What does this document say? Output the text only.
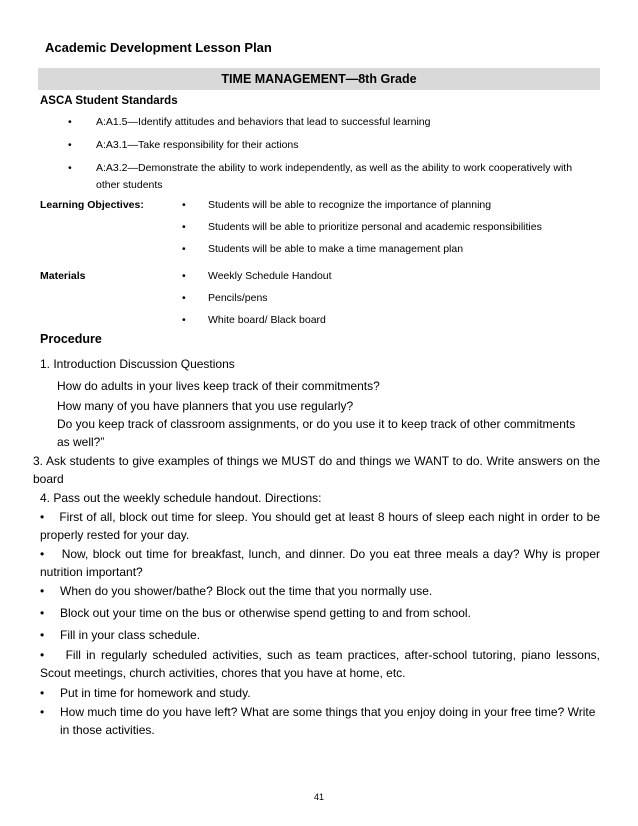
Academic Development Lesson Plan
TIME MANAGEMENT—8th Grade
ASCA Student Standards
• A:A1.5—Identify attitudes and behaviors that lead to successful learning
• A:A3.1—Take responsibility for their actions
• A:A3.2—Demonstrate the ability to work independently, as well as the ability to work cooperatively with other students
Learning Objectives:	• Students will be able to recognize the importance of planning
• Students will be able to prioritize personal and academic responsibilities
• Students will be able to make a time management plan
Materials	• Weekly Schedule Handout
• Pencils/pens
• White board/ Black board
Procedure
1. Introduction Discussion Questions
How do adults in your lives keep track of their commitments?
How many of you have planners that you use regularly?
Do you keep track of classroom assignments, or do you use it to keep track of other commitments as well?”
3. Ask students to give examples of things we MUST do and things we WANT to do. Write answers on the board
4. Pass out the weekly schedule handout. Directions:
• First of all, block out time for sleep. You should get at least 8 hours of sleep each night in order to be properly rested for your day.
• Now, block out time for breakfast, lunch, and dinner. Do you eat three meals a day? Why is proper nutrition important?
• When do you shower/bathe? Block out the time that you normally use.
• Block out your time on the bus or otherwise spend getting to and from school.
• Fill in your class schedule.
• Fill in regularly scheduled activities, such as team practices, after-school tutoring, piano lessons, Scout meetings, church activities, chores that you have at home, etc.
• Put in time for homework and study.
• How much time do you have left? What are some things that you enjoy doing in your free time? Write in those activities.
41
